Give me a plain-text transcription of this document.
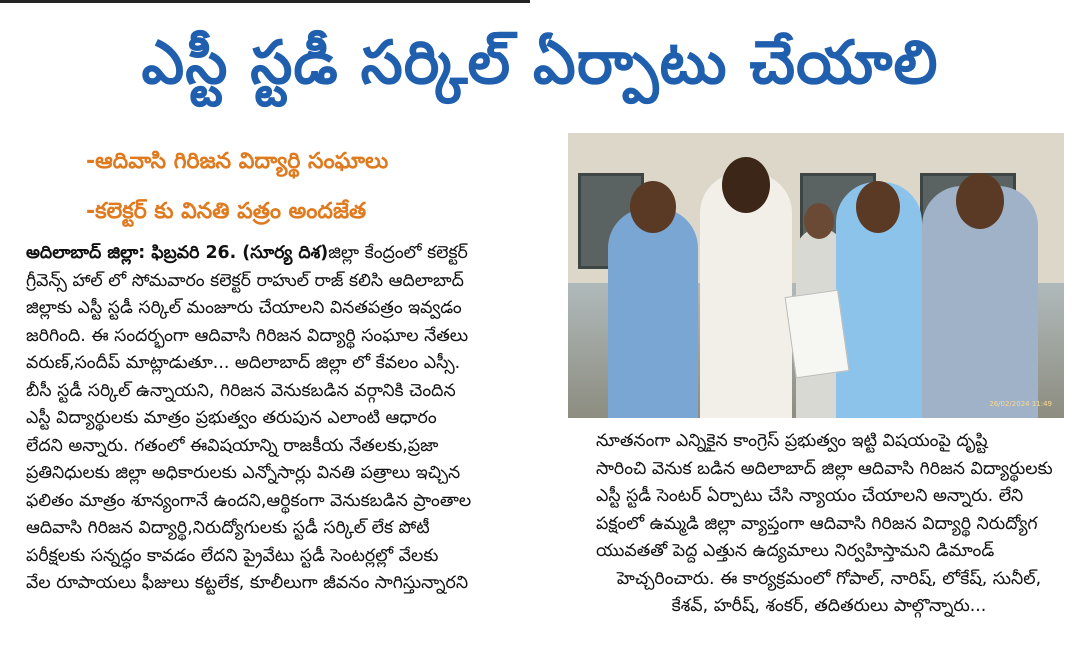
ఎస్టీ స్టడీ సర్కిల్ ఏర్పాటు చేయాలి
-ఆదివాసి గిరిజన విద్యార్థి సంఘాలు
-కలెక్టర్ కు వినతి పత్రం అందజేత
అదిలాబాద్ జిల్లా: ఫిబ్రవరి 26. (సూర్య దిశ)జిల్లా కేంద్రంలో కలెక్టర్
గ్రీవెన్స్ హాల్ లో సోమవారం కలెక్టర్ రాహుల్ రాజ్ కలిసి ఆదిలాబాద్
జిల్లాకు ఎస్టీ స్టడీ సర్కిల్ మంజూరు చేయాలని వినతపత్రం ఇవ్వడం
జరిగింది. ఈ సందర్భంగా ఆదివాసి గిరిజన విద్యార్థి సంఘాల నేతలు
వరుణ్,సందీప్ మాట్లాడుతూ... అదిలాబాద్ జిల్లా లో కేవలం ఎస్సీ.
బీసీ స్టడీ సర్కిల్ ఉన్నాయని, గిరిజన వెనుకబడిన వర్గానికి చెందిన
ఎస్టీ విద్యార్థులకు మాత్రం ప్రభుత్వం తరుపున ఎలాంటి ఆధారం
లేదని అన్నారు. గతంలో ఈవిషయాన్ని రాజకీయ నేతలకు,ప్రజా
ప్రతినిధులకు జిల్లా అధికారులకు ఎన్నోసార్లు వినతి పత్రాలు ఇచ్చిన
ఫలితం మాత్రం శూన్యంగానే ఉందని,ఆర్థికంగా వెనుకబడిన ప్రాంతాల
ఆదివాసి గిరిజన విద్యార్థి,నిరుద్యోగులకు స్టడీ సర్కిల్ లేక పోటీ
పరీక్షలకు సన్నద్ధం కావడం లేదని ప్రైవేటు స్టడీ సెంటర్లల్లో వేలకు
వేల రూపాయలు ఫీజులు కట్టలేక, కూలీలుగా జీవనం సాగిస్తున్నారని
26/02/2024 11:49
నూతనంగా ఎన్నికైన కాంగ్రెస్ ప్రభుత్వం ఇట్టి విషయంపై దృష్టి
సారించి వెనుక బడిన అదిలాబాద్ జిల్లా ఆదివాసి గిరిజన విద్యార్థులకు
ఎస్టీ స్టడీ సెంటర్ ఏర్పాటు చేసి న్యాయం చేయాలని అన్నారు. లేని
పక్షంలో ఉమ్మడి జిల్లా వ్యాప్తంగా ఆదివాసి గిరిజన విద్యార్థి నిరుద్యోగ
యువతతో పెద్ద ఎత్తున ఉద్యమాలు నిర్వహిస్తామని డిమాండ్
హెచ్చరించారు. ఈ కార్యక్రమంలో గోపాల్, నారిష్, లోకేష్, సునీల్,
కేశవ్, హరీష్, శంకర్, తదితరులు పాల్గొన్నారు...
